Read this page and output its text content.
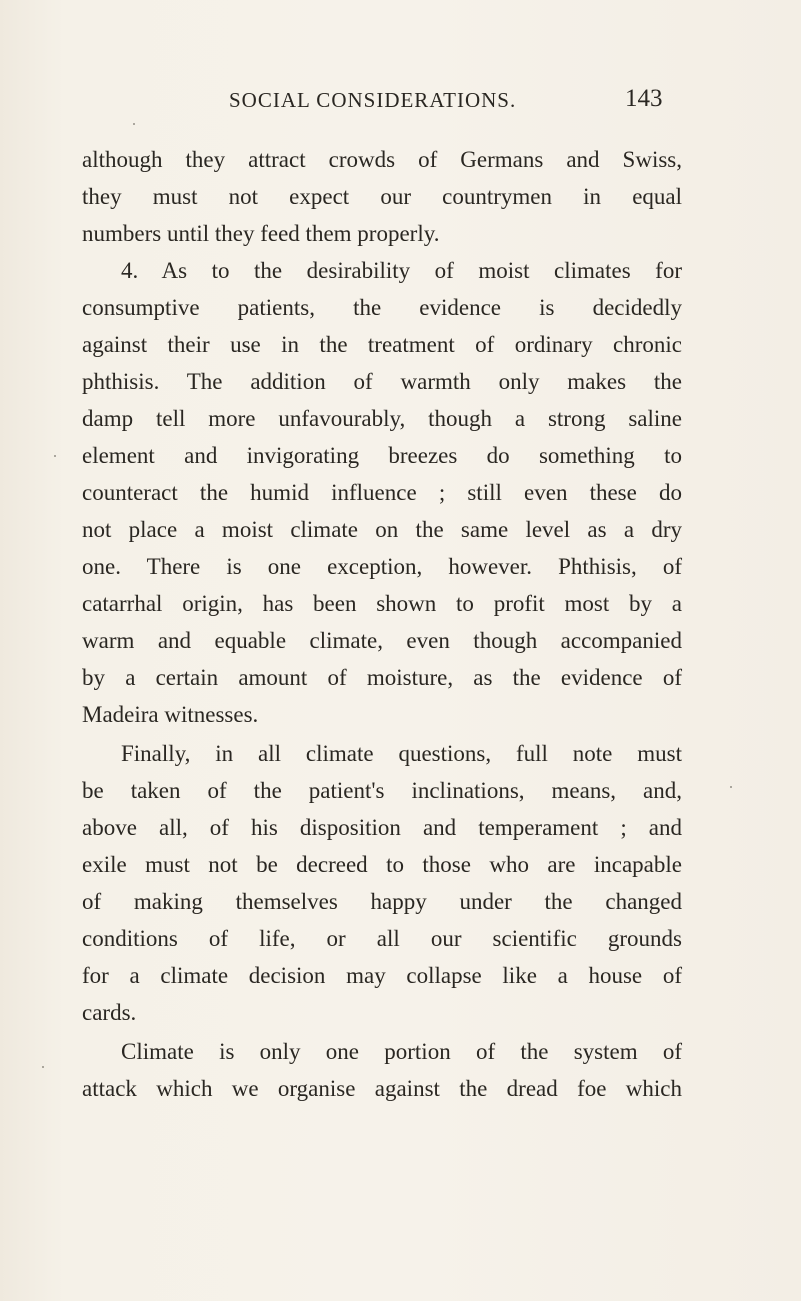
SOCIAL CONSIDERATIONS.	143
although they attract crowds of Germans and Swiss,
they must not expect our countrymen in equal
numbers until they feed them properly.
4. As to the desirability of moist climates for
consumptive patients, the evidence is decidedly
against their use in the treatment of ordinary chronic
phthisis. The addition of warmth only makes the
damp tell more unfavourably, though a strong saline
element and invigorating breezes do something to
counteract the humid influence ; still even these do
not place a moist climate on the same level as a dry
one. There is one exception, however. Phthisis, of
catarrhal origin, has been shown to profit most by a
warm and equable climate, even though accompanied
by a certain amount of moisture, as the evidence of
Madeira witnesses.
Finally, in all climate questions, full note must
be taken of the patient's inclinations, means, and,
above all, of his disposition and temperament ; and
exile must not be decreed to those who are incapable
of making themselves happy under the changed
conditions of life, or all our scientific grounds
for a climate decision may collapse like a house of
cards.
Climate is only one portion of the system of
attack which we organise against the dread foe which
